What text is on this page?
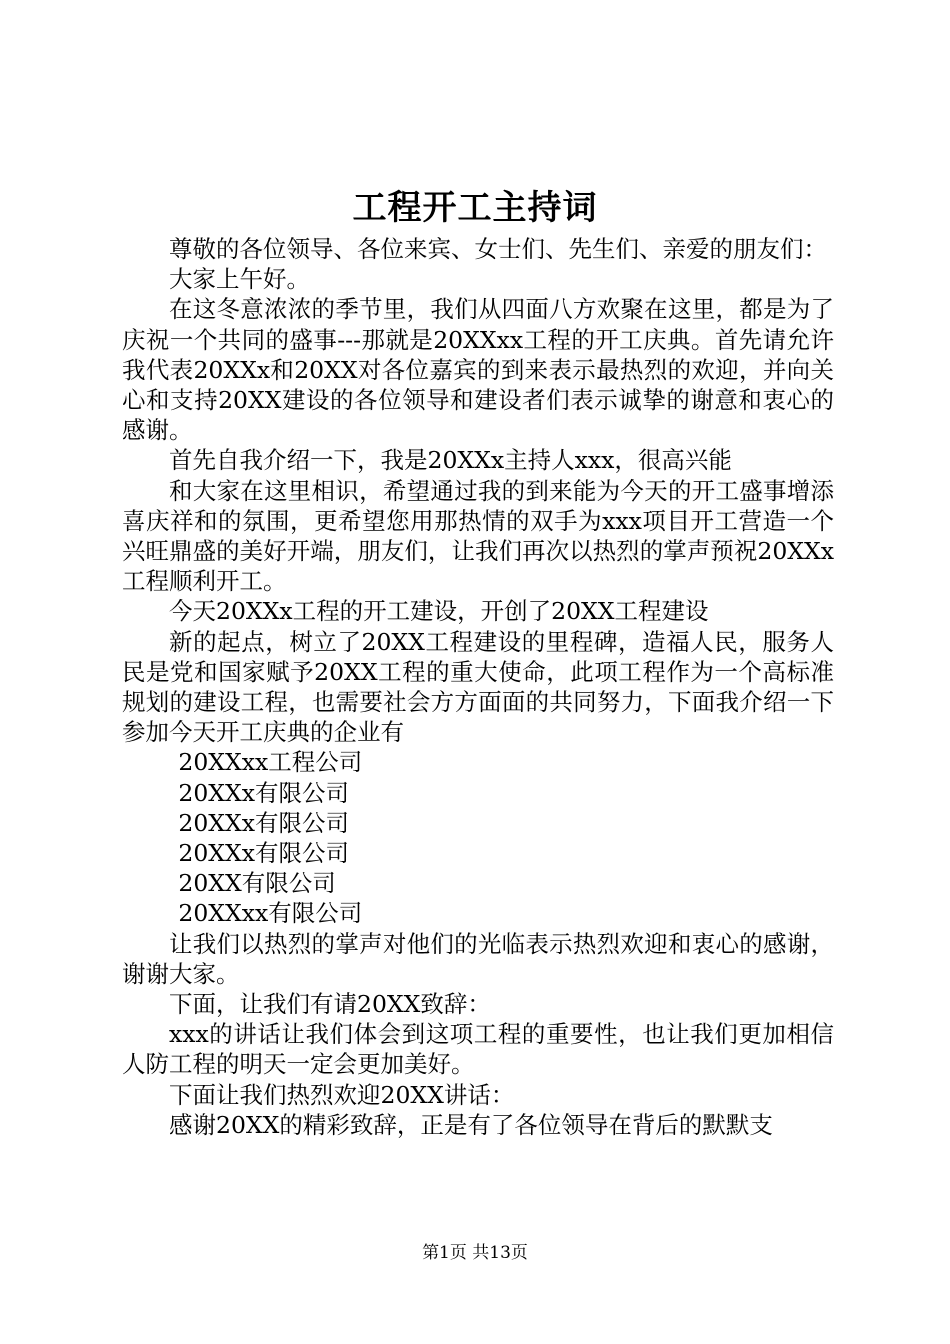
工程开工主持词

尊敬的各位领导、各位来宾、女士们、先生们、亲爱的朋友们：

大家上午好。

在这冬意浓浓的季节里，我们从四面八方欢聚在这里，都是为了庆祝一个共同的盛事---那就是20XXxx工程的开工庆典。首先请允许我代表20XXx和20XX对各位嘉宾的到来表示最热烈的欢迎，并向关心和支持20XX建设的各位领导和建设者们表示诚挚的谢意和衷心的感谢。

首先自我介绍一下，我是20XXx主持人xxx，很高兴能

和大家在这里相识，希望通过我的到来能为今天的开工盛事增添喜庆祥和的氛围，更希望您用那热情的双手为xxx项目开工营造一个兴旺鼎盛的美好开端，朋友们，让我们再次以热烈的掌声预祝20XXx工程顺利开工。

今天20XXx工程的开工建设，开创了20XX工程建设

新的起点，树立了20XX工程建设的里程碑，造福人民，服务人民是党和国家赋予20XX工程的重大使命，此项工程作为一个高标准规划的建设工程，也需要社会方方面面的共同努力，下面我介绍一下参加今天开工庆典的企业有

20XXxx工程公司

20XXx有限公司

20XXx有限公司

20XXx有限公司

20XX有限公司

20XXxx有限公司

让我们以热烈的掌声对他们的光临表示热烈欢迎和衷心的感谢，谢谢大家。

下面，让我们有请20XX致辞：

xxx的讲话让我们体会到这项工程的重要性，也让我们更加相信人防工程的明天一定会更加美好。

下面让我们热烈欢迎20XX讲话：

感谢20XX的精彩致辞，正是有了各位领导在背后的默默支

第1页 共13页
